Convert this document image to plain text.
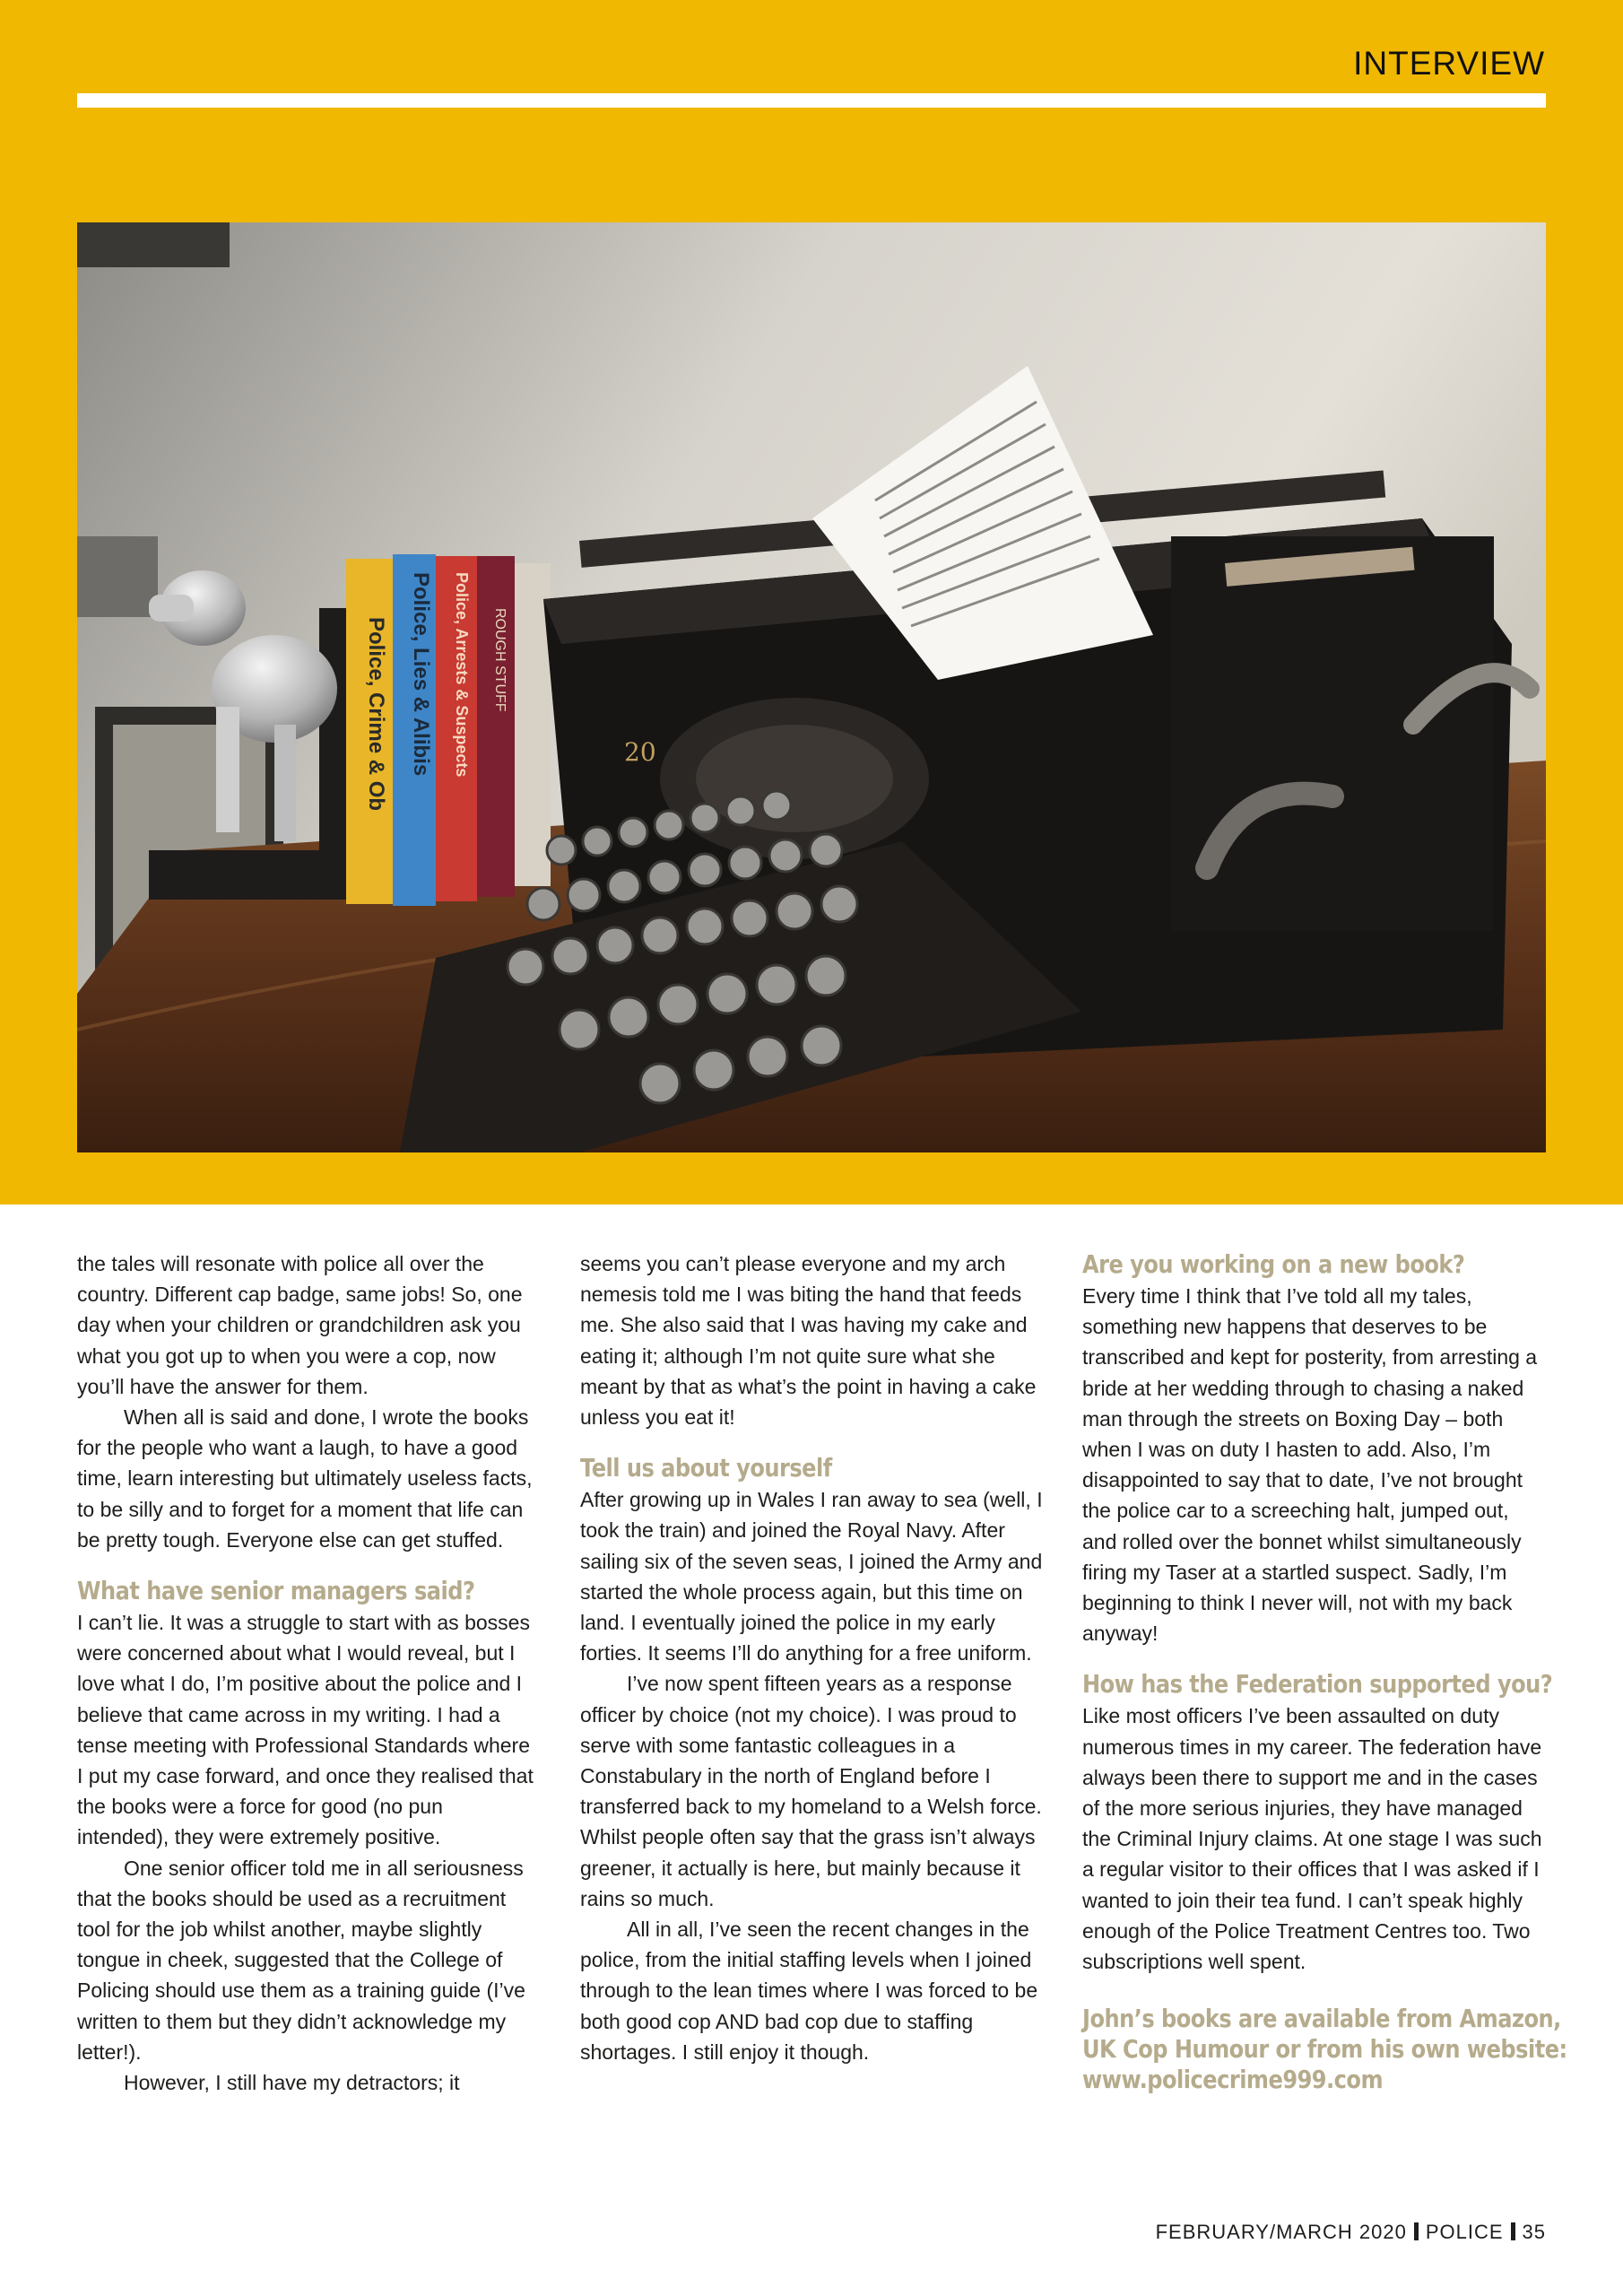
INTERVIEW
Police, Crime & Ob Police, Lies & Alibis Police, Arrests & Suspects ROUGH STUFF
20

the tales will resonate with police all over the country. Different cap badge, same jobs! So, one day when your children or grandchildren ask you what you got up to when you were a cop, now you’ll have the answer for them.

When all is said and done, I wrote the books for the people who want a laugh, to have a good time, learn interesting but ultimately useless facts, to be silly and to forget for a moment that life can be pretty tough. Everyone else can get stuffed.

What have senior managers said?

I can’t lie. It was a struggle to start with as bosses were concerned about what I would reveal, but I love what I do, I’m positive about the police and I believe that came across in my writing. I had a tense meeting with Professional Standards where I put my case forward, and once they realised that the books were a force for good (no pun intended), they were extremely positive.

One senior officer told me in all seriousness that the books should be used as a recruitment tool for the job whilst another, maybe slightly tongue in cheek, suggested that the College of Policing should use them as a training guide (I’ve written to them but they didn’t acknowledge my letter!).

However, I still have my detractors; it

seems you can’t please everyone and my arch nemesis told me I was biting the hand that feeds me. She also said that I was having my cake and eating it; although I’m not quite sure what she meant by that as what’s the point in having a cake unless you eat it!

Tell us about yourself

After growing up in Wales I ran away to sea (well, I took the train) and joined the Royal Navy. After sailing six of the seven seas, I joined the Army and started the whole process again, but this time on land. I eventually joined the police in my early forties. It seems I’ll do anything for a free uniform.

I’ve now spent fifteen years as a response officer by choice (not my choice). I was proud to serve with some fantastic colleagues in a Constabulary in the north of England before I transferred back to my homeland to a Welsh force. Whilst people often say that the grass isn’t always greener, it actually is here, but mainly because it rains so much.

All in all, I’ve seen the recent changes in the police, from the initial staffing levels when I joined through to the lean times where I was forced to be both good cop AND bad cop due to staffing shortages. I still enjoy it though.

Are you working on a new book?

Every time I think that I’ve told all my tales, something new happens that deserves to be transcribed and kept for posterity, from arresting a bride at her wedding through to chasing a naked man through the streets on Boxing Day – both when I was on duty I hasten to add. Also, I’m disappointed to say that to date, I’ve not brought the police car to a screeching halt, jumped out, and rolled over the bonnet whilst simultaneously firing my Taser at a startled suspect. Sadly, I’m beginning to think I never will, not with my back anyway!

How has the Federation supported you?

Like most officers I’ve been assaulted on duty numerous times in my career. The federation have always been there to support me and in the cases of the more serious injuries, they have managed the Criminal Injury claims. At one stage I was such a regular visitor to their offices that I was asked if I wanted to join their tea fund. I can’t speak highly enough of the Police Treatment Centres too. Two subscriptions well spent.

John’s books are available from Amazon,
UK Cop Humour or from his own website:
www.policecrime999.com
FEBRUARY/MARCH 2020 POLICE 35
